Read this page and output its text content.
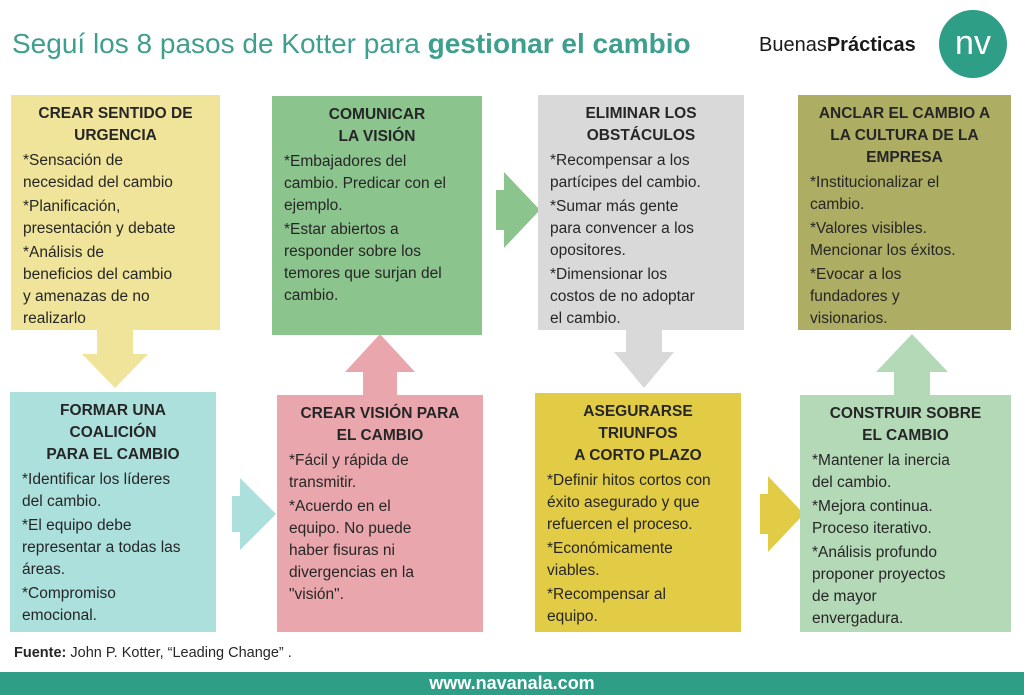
Seguí los 8 pasos de Kotter para gestionar el cambio	BuenasPrácticas	nv
CREAR SENTIDO DE
URGENCIA
*Sensación de
necesidad del cambio
*Planificación,
presentación y debate
*Análisis de
beneficios del cambio
y amenazas de no
realizarlo
COMUNICAR
LA VISIÓN
*Embajadores del
cambio. Predicar con el
ejemplo.
*Estar abiertos a
responder sobre los
temores que surjan del
cambio.
ELIMINAR LOS
OBSTÁCULOS
*Recompensar a los
partícipes del cambio.
*Sumar más gente
para convencer a los
opositores.
*Dimensionar los
costos de no adoptar
el cambio.
ANCLAR EL CAMBIO A
LA CULTURA DE LA
EMPRESA
*Institucionalizar el
cambio.
*Valores visibles.
Mencionar los éxitos.
*Evocar a los
fundadores y
visionarios.
FORMAR UNA COALICIÓN
PARA EL CAMBIO
*Identificar los líderes
del cambio.
*El equipo debe
representar a todas las
áreas.
*Compromiso
emocional.
CREAR VISIÓN PARA
EL CAMBIO
*Fácil y rápida de
transmitir.
*Acuerdo en el
equipo. No puede
haber fisuras ni
divergencias en la
"visión".
ASEGURARSE TRIUNFOS
A CORTO PLAZO
*Definir hitos cortos con
éxito asegurado y que
refuercen el proceso.
*Económicamente
viables.
*Recompensar al
equipo.
CONSTRUIR SOBRE
EL CAMBIO
*Mantener la inercia
del cambio.
*Mejora continua.
Proceso iterativo.
*Análisis profundo
proponer proyectos
de mayor
envergadura.
Fuente: John P. Kotter, “Leading Change” .
www.navanala.com
